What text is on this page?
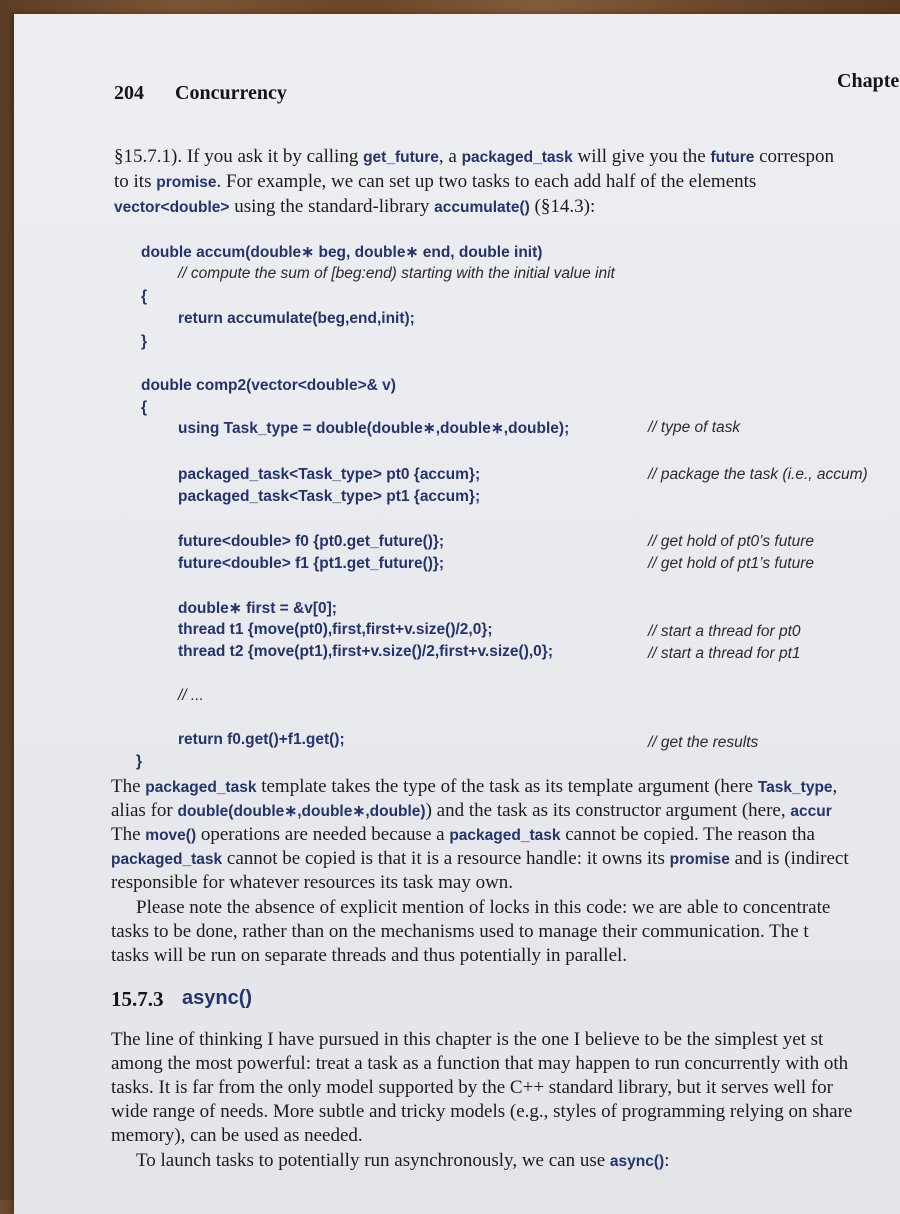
204 Concurrency
Chapte
§15.7.1). If you ask it by calling get_future, a packaged_task will give you the future correspon
to its promise. For example, we can set up two tasks to each add half of the elements
vector<double> using the standard-library accumulate() (§14.3):
double accum(double∗ beg, double∗ end, double init)
// compute the sum of [beg:end) starting with the initial value init
{
return accumulate(beg,end,init);
}
double comp2(vector<double>& v)
{
using Task_type = double(double∗,double∗,double);	// type of task
packaged_task<Task_type> pt0 {accum};	// package the task (i.e., accum)
packaged_task<Task_type> pt1 {accum};
future<double> f0 {pt0.get_future()};	// get hold of pt0’s future
future<double> f1 {pt1.get_future()};	// get hold of pt1’s future
double∗ first = &v[0];
thread t1 {move(pt0),first,first+v.size()/2,0};	// start a thread for pt0
thread t2 {move(pt1),first+v.size()/2,first+v.size(),0};	// start a thread for pt1
// ...
return f0.get()+f1.get();	// get the results
}
The packaged_task template takes the type of the task as its template argument (here Task_type,
alias for double(double∗,double∗,double)) and the task as its constructor argument (here, accur
The move() operations are needed because a packaged_task cannot be copied. The reason tha
packaged_task cannot be copied is that it is a resource handle: it owns its promise and is (indirect
responsible for whatever resources its task may own.
Please note the absence of explicit mention of locks in this code: we are able to concentrate
tasks to be done, rather than on the mechanisms used to manage their communication. The t
tasks will be run on separate threads and thus potentially in parallel.
15.7.3 async()
The line of thinking I have pursued in this chapter is the one I believe to be the simplest yet st
among the most powerful: treat a task as a function that may happen to run concurrently with oth
tasks. It is far from the only model supported by the C++ standard library, but it serves well for
wide range of needs. More subtle and tricky models (e.g., styles of programming relying on share
memory), can be used as needed.
To launch tasks to potentially run asynchronously, we can use async():
